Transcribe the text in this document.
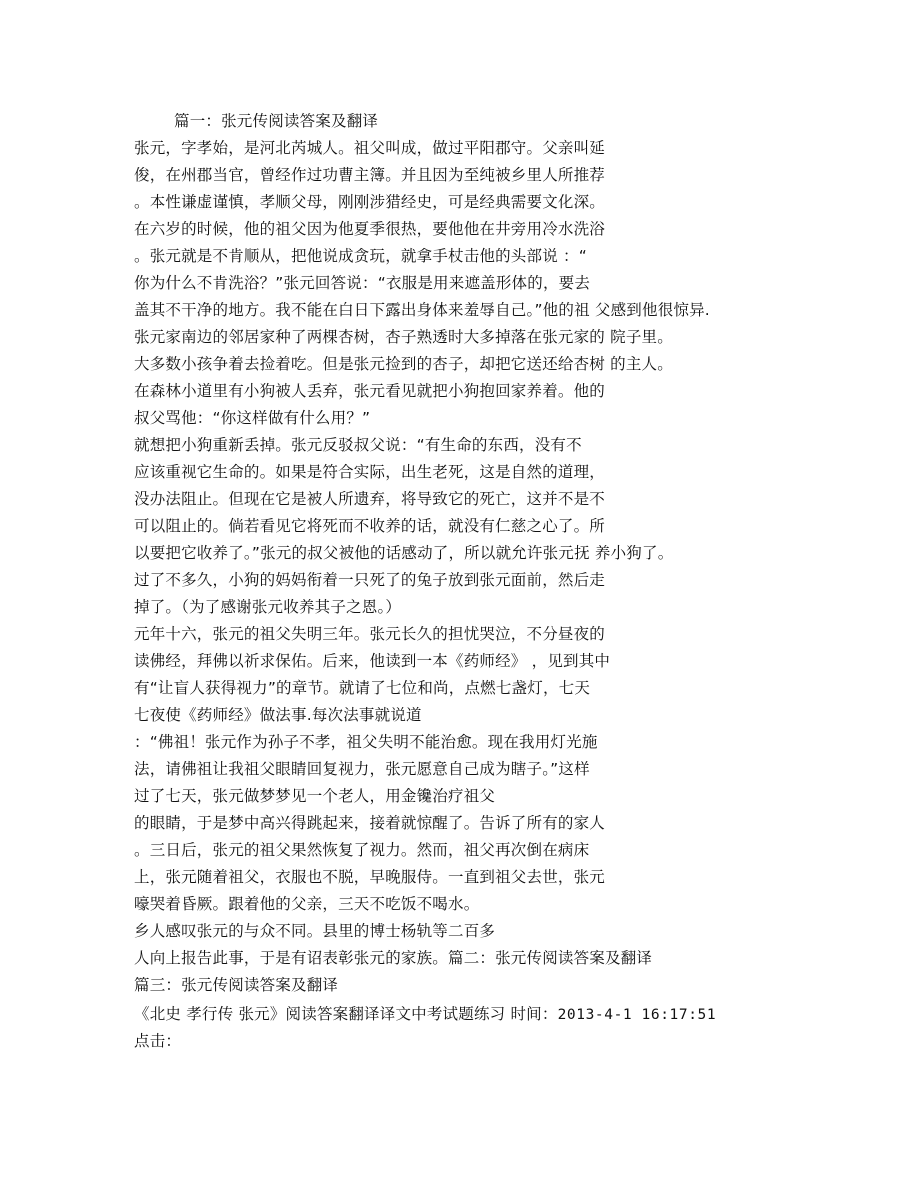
篇一：张元传阅读答案及翻译
张元，字孝始，是河北芮城人。祖父叫成，做过平阳郡守。父亲叫延
俊，在州郡当官，曾经作过功曹主簿。并且因为至纯被乡里人所推荐
。本性谦虚谨慎，孝顺父母，刚刚涉猎经史，可是经典需要文化深。
在六岁的时候，他的祖父因为他夏季很热，要他他在井旁用冷水洗浴
。张元就是不肯顺从，把他说成贪玩，就拿手杖击他的头部说 ：“
你为什么不肯洗浴？”张元回答说：“衣服是用来遮盖形体的，要去
盖其不干净的地方。我不能在白日下露出身体来羞辱自己。”他的祖 父感到他很惊异.
张元家南边的邻居家种了两棵杏树，杏子熟透时大多掉落在张元家的 院子里。
大多数小孩争着去捡着吃。但是张元捡到的杏子，却把它送还给杏树 的主人。
在森林小道里有小狗被人丢弃，张元看见就把小狗抱回家养着。他的
叔父骂他：“你这样做有什么用？”
就想把小狗重新丢掉。张元反驳叔父说：“有生命的东西，没有不
应该重视它生命的。如果是符合实际，出生老死，这是自然的道理，
没办法阻止。但现在它是被人所遗弃，将导致它的死亡，这并不是不
可以阻止的。倘若看见它将死而不收养的话，就没有仁慈之心了。所
以要把它收养了。”张元的叔父被他的话感动了，所以就允许张元抚 养小狗了。
过了不多久，小狗的妈妈衔着一只死了的兔子放到张元面前，然后走
掉了。（为了感谢张元收养其子之恩。）
元年十六，张元的祖父失明三年。张元长久的担忧哭泣，不分昼夜的
读佛经，拜佛以祈求保佑。后来，他读到一本《药师经》 ，见到其中
有“让盲人获得视力”的章节。就请了七位和尚，点燃七盏灯，七天
七夜使《药师经》做法事.每次法事就说道
：“佛祖！张元作为孙子不孝，祖父失明不能治愈。现在我用灯光施
法，请佛祖让我祖父眼睛回复视力，张元愿意自己成为瞎子。”这样
过了七天，张元做梦梦见一个老人，用金镵治疗祖父
的眼睛，于是梦中高兴得跳起来，接着就惊醒了。告诉了所有的家人
。三日后，张元的祖父果然恢复了视力。然而，祖父再次倒在病床
上，张元随着祖父，衣服也不脱，早晚服侍。一直到祖父去世，张元
嚎哭着昏厥。跟着他的父亲，三天不吃饭不喝水。
乡人感叹张元的与众不同。县里的博士杨轨等二百多
人向上报告此事，于是有诏表彰张元的家族。篇二：张元传阅读答案及翻译
篇三：张元传阅读答案及翻译
《北史 孝行传 张元》阅读答案翻译译文中考试题练习 时间：2013-4-1 16:17:51
点击：
